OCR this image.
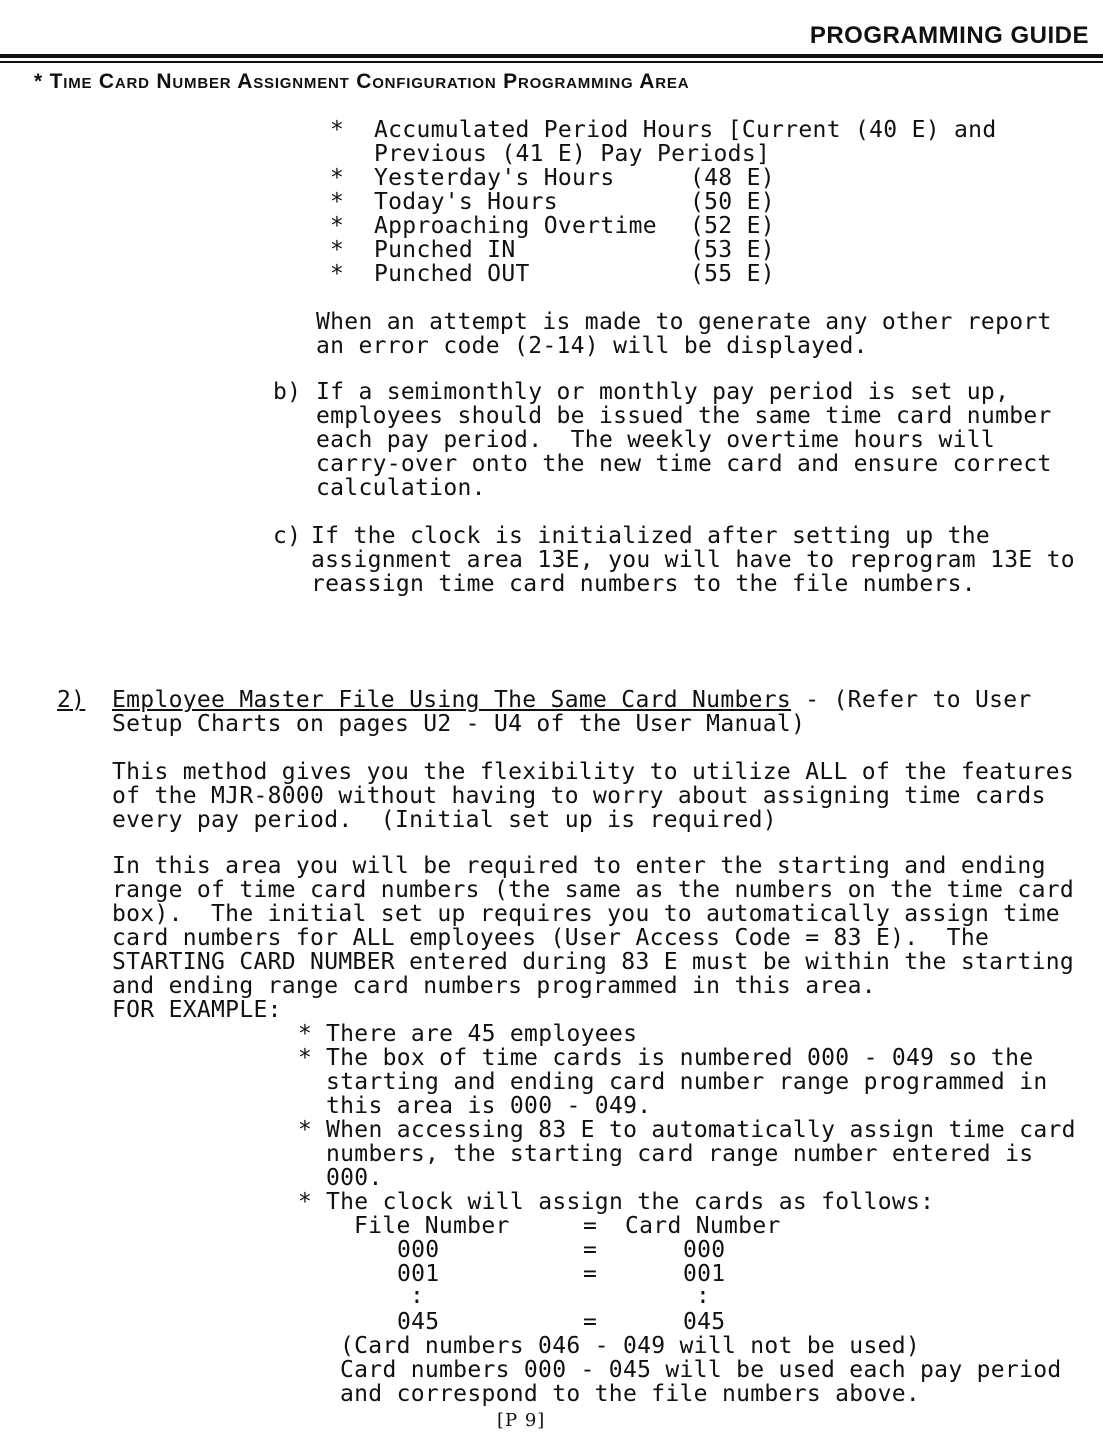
PROGRAMMING GUIDE
* Time Card Number Assignment Configuration Programming Area
* Accumulated Period Hours [Current (40 E) and
Previous (41 E) Pay Periods]
* Yesterday's Hours	(48 E)
* Today's Hours	(50 E)
* Approaching Overtime (52 E)
* Punched IN	(53 E)
* Punched OUT	(55 E)
When an attempt is made to generate any other report
an error code (2-14) will be displayed.
b) If a semimonthly or monthly pay period is set up,
employees should be issued the same time card number
each pay period.  The weekly overtime hours will
carry-over onto the new time card and ensure correct
calculation.
c) If the clock is initialized after setting up the
assignment area 13E, you will have to reprogram 13E to
reassign time card numbers to the file numbers.
2) Employee Master File Using The Same Card Numbers - (Refer to User
Setup Charts on pages U2 - U4 of the User Manual)
This method gives you the flexibility to utilize ALL of the features
of the MJR-8000 without having to worry about assigning time cards
every pay period.  (Initial set up is required)
In this area you will be required to enter the starting and ending
range of time card numbers (the same as the numbers on the time card
box).  The initial set up requires you to automatically assign time
card numbers for ALL employees (User Access Code = 83 E).  The
STARTING CARD NUMBER entered during 83 E must be within the starting
and ending range card numbers programmed in this area.
FOR EXAMPLE:
* There are 45 employees
* The box of time cards is numbered 000 - 049 so the
starting and ending card number range programmed in
this area is 000 - 049.
* When accessing 83 E to automatically assign time card
numbers, the starting card range number entered is
000.
* The clock will assign the cards as follows:
File Number	= Card Number
000	=	000
001	=	001
:	:
045	=	045
(Card numbers 046 - 049 will not be used)
Card numbers 000 - 045 will be used each pay period
and correspond to the file numbers above.
[P 9]
